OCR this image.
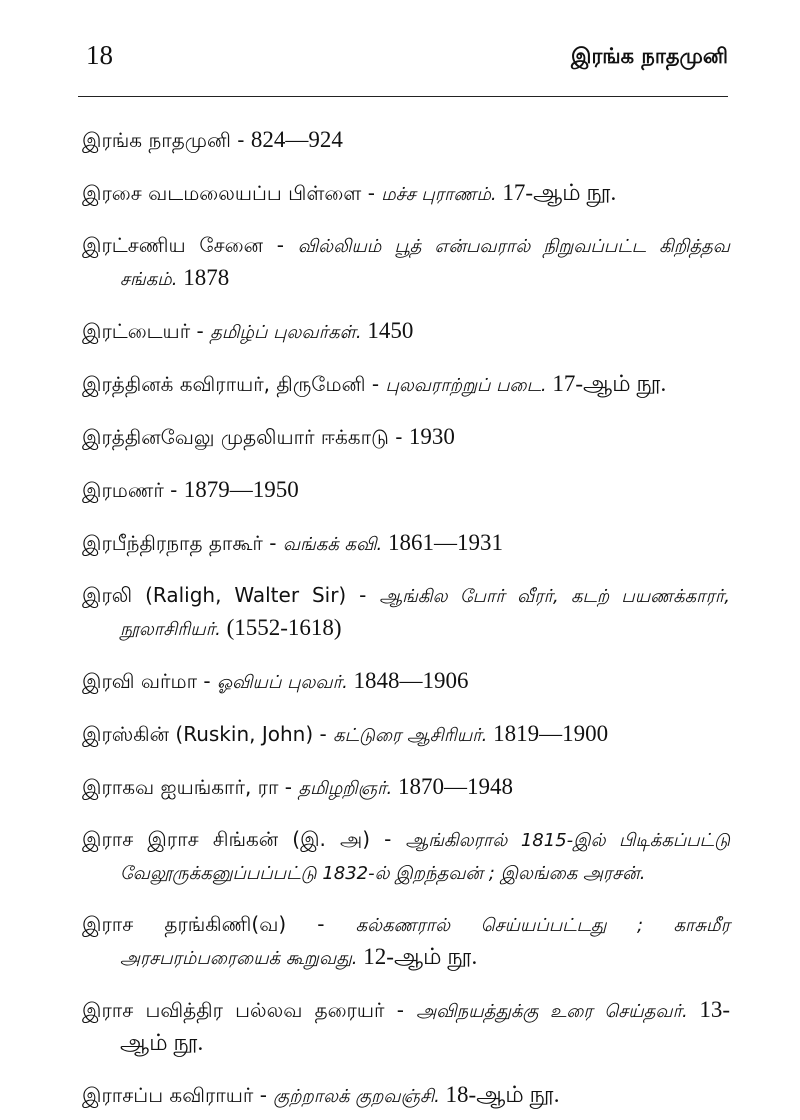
18	இரங்க நாதமுனி

இரங்க நாதமுனி - 824—924

இரசை வடமலையப்ப பிள்ளை - மச்ச புராணம். 17-ஆம் நூ.

இரட்சணிய சேனை - வில்லியம் பூத் என்பவரால் நிறுவப்பட்ட கிறித்தவ சங்கம். 1878

இரட்டையர் - தமிழ்ப் புலவர்கள். 1450

இரத்தினக் கவிராயர், திருமேனி - புலவராற்றுப் படை. 17-ஆம் நூ.

இரத்தினவேலு முதலியார் ஈக்காடு - 1930

இரமணர் - 1879—1950

இரபீந்திரநாத தாகூர் - வங்கக் கவி. 1861—1931

இரலி (Raligh, Walter Sir) - ஆங்கில போர் வீரர், கடற் பயணக்காரர், நூலாசிரியர். (1552-1618)

இரவி வர்மா - ஓவியப் புலவர். 1848—1906

இரஸ்கின் (Ruskin, John) - கட்டுரை ஆசிரியர். 1819—1900

இராகவ ஐயங்கார், ரா - தமிழறிஞர். 1870—1948

இராச இராச சிங்கன் (இ. அ) - ஆங்கிலரால் 1815-இல் பிடிக்கப்பட்டு வேலூருக்கனுப்பப்பட்டு 1832-ல் இறந்தவன் ; இலங்கை அரசன்.

இராச தரங்கிணி(வ) - கல்கணரால் செய்யப்பட்டது ; காசுமீர அரசபரம்பரையைக் கூறுவது. 12-ஆம் நூ.

இராச பவித்திர பல்லவ தரையர் - அவிநயத்துக்கு உரை செய்தவர். 13-ஆம் நூ.

இராசப்ப கவிராயர் - குற்றாலக் குறவஞ்சி. 18-ஆம் நூ.
